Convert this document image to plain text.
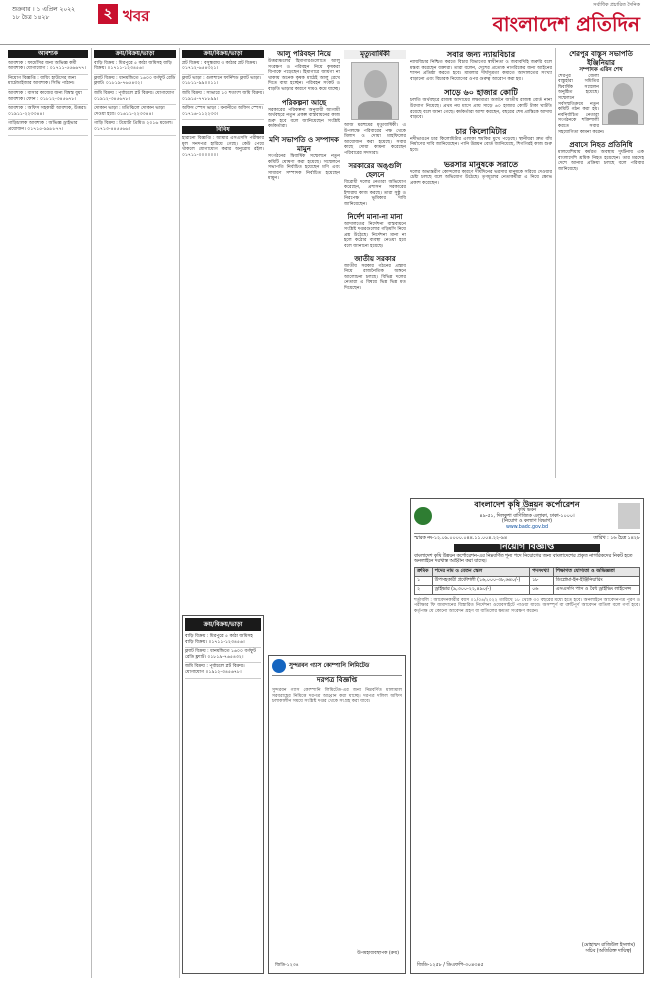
শুক্রবার । ১ এপ্রিল ২০২২
১৮ চৈত্র ১৪২৮	২ খবর
সর্বাধিক প্রচারিত দৈনিক
বাংলাদেশ প্রতিদিন
আবশ্যক
আবশ্যক : ফার্মেসির জন্য অভিজ্ঞ কর্মী আবশ্যক। যোগাযোগ : ০১৭১১-৫৫৬৬৭৭।
নিয়োগ বিজ্ঞপ্তি : বায়িং হাউসের জন্য মার্চেন্ডাইজার আবশ্যক। সিভি পাঠান।
আবশ্যক : বাসার কাজের জন্য বিশ্বস্ত বুয়া আবশ্যক। ফোন : ০১৮১২-৩৪৫৬৭৮।
আবশ্যক : অফিস সহকারী আবশ্যক, উত্তরা। ০১৯১১-২২৩৩৪৪।
গাড়িচালক আবশ্যক : অভিজ্ঞ ড্রাইভার প্রয়োজন। ০১৭১৫-৯৯৮৮৭৭।
ক্রয়/বিক্রয়/ভাড়া
বাড়ি বিক্রয় : মিরপুরে ৫ কাঠা জমিসহ বাড়ি বিক্রয়। ০১৭১১-১২৩৪৫৬।
ফ্ল্যাট বিক্রয় : ধানমন্ডিতে ১৬০০ বর্গফুট রেডি ফ্ল্যাট। ০১৮১৯-৭৬৫৪৩২।
জমি বিক্রয় : পূর্বাচলে প্লট বিক্রয়। যোগাযোগ ০১৯১২-৩৪৫৬৭৮।
দোকান ভাড়া : মতিঝিলে দোকান ভাড়া দেওয়া হবে। ০১৬১১-২২৩৩৪৪।
গাড়ি বিক্রয় : টয়োটা প্রিমিও ২০১৬ মডেল। ০১৭১৩-৪৪৫৫৬৬।
ক্রয়/বিক্রয়/ভাড়া
প্লট বিক্রয় : বসুন্ধরায় ৩ কাঠার প্লট বিক্রয়। ০১৭১২-৬৫৪৩২১।
ফ্ল্যাট ভাড়া : গুলশানে ফার্নিশড ফ্ল্যাট ভাড়া। ০১৮১১-৯৯০০১১।
জমি বিক্রয় : সাভারে ১০ শতাংশ জমি বিক্রয়। ০১৯১৫-৭৭৮৮৯৯।
অফিস স্পেস ভাড়া : বনানীতে অফিস স্পেস। ০১৭১৬-১১২২৩৩।
বিবিধ

হারানো বিজ্ঞপ্তি : আমার এসএসসি পরীক্ষার মূল সনদপত্র হারিয়ে গেছে। কেউ পেয়ে থাকলে যোগাযোগ করার অনুরোধ রইল। ০১৭১১-০০০০০০।

আলু পরিবহন নিয়ে

উত্তরাঞ্চলের হিমাগারগুলোতে আলু সংরক্ষণ ও পরিবহন নিয়ে কৃষকরা বিপাকে পড়েছেন। হিমাগারে জায়গা না থাকায় অনেক কৃষক মাঠেই আলু রেখে দিতে বাধ্য হচ্ছেন। পরিবহন সংকট ও বাড়তি ভাড়ার কারণে দামও কমে যাচ্ছে।

পরিকল্পনা আছে

সরকারের পরিকল্পনা অনুযায়ী আগামী অর্থবছরে নতুন প্রকল্প বাস্তবায়নের কাজ শুরু হবে বলে জানিয়েছেন সংশ্লিষ্ট কর্মকর্তারা।

মণি সভাপতি ও সম্পাদক মামুন

সংগঠনের দ্বিবার্ষিক সম্মেলনে নতুন কমিটি ঘোষণা করা হয়েছে। সম্মেলনে সভাপতি নির্বাচিত হয়েছেন মণি এবং সাধারণ সম্পাদক নির্বাচিত হয়েছেন মামুন।

মৃত্যুবার্ষিকী

আজ মরহুমের মৃত্যুবার্ষিকী। এ উপলক্ষে পরিবারের পক্ষ থেকে মিলাদ ও দোয়া মাহফিলের আয়োজন করা হয়েছে। সবার কাছে দোয়া কামনা করেছেন পরিবারের সদস্যরা।

সরকারের অঙ্গুলি হেলনে

বিরোধী দলের নেতারা অভিযোগ করেছেন, প্রশাসন সরকারের ইশারায় কাজ করছে। তারা সুষ্ঠু ও নিরপেক্ষ ভূমিকার দাবি জানিয়েছেন।

নির্দেশ মানা-না মানা

আদালতের নির্দেশনা বাস্তবায়নে সংশ্লিষ্ট দপ্তরগুলোর গড়িমসি নিয়ে প্রশ্ন উঠেছে। নির্দেশনা মানা না হলে কঠোর ব্যবস্থা নেওয়া হবে বলে জানানো হয়েছে।

জাতীয় সরকার

জাতীয় সরকার গঠনের প্রস্তাব নিয়ে রাজনৈতিক অঙ্গনে আলোচনা চলছে। বিভিন্ন দলের নেতারা এ বিষয়ে ভিন্ন ভিন্ন মত দিয়েছেন।

সবার জন্য ন্যায়বিচার

ন্যায়বিচার নিশ্চিত করতে বিচার বিভাগের স্বাধীনতা ও জবাবদিহি জরুরি বলে মন্তব্য করেছেন বক্তারা। তারা বলেন, দেশের প্রত্যেক নাগরিকের জন্য আইনের শাসন প্রতিষ্ঠা করতে হবে। মামলার দীর্ঘসূত্রতা কমাতে আদালতের সংখ্যা বাড়ানো এবং বিচারক নিয়োগের ওপর গুরুত্ব আরোপ করা হয়।

সাড়ে ৬০ হাজার কোটি

চলতি অর্থবছরে রাজস্ব আদায়ের লক্ষ্যমাত্রা অর্জনে জাতীয় রাজস্ব বোর্ড নানা উদ্যোগ নিয়েছে। প্রথম নয় মাসে প্রায় সাড়ে ৬০ হাজার কোটি টাকা ঘাটতি রয়েছে বলে জানা গেছে। কর্মকর্তারা আশা করছেন, বছরের শেষ প্রান্তিকে আদায় বাড়বে।

চার কিলোমিটার

নদীভাঙনে চার কিলোমিটার এলাকা হুমকির মুখে পড়েছে। স্থানীয়রা দ্রুত বাঁধ নির্মাণের দাবি জানিয়েছেন। পানি উন্নয়ন বোর্ড জানিয়েছে, শিগগিরই কাজ শুরু হবে।

ভরসার মানুষকে সরাতে

দলের অভ্যন্তরীণ কোন্দলের কারণে দীর্ঘদিনের ভরসার মানুষকে সরিয়ে দেওয়ার চেষ্টা চলছে বলে অভিযোগ উঠেছে। তৃণমূলের নেতাকর্মীরা এ নিয়ে ক্ষোভ প্রকাশ করেছেন।

শেরপুর বাস্তুস সভাপতি ইঞ্জিনিয়ার
সম্পাদক এরিন শেখ

শেরপুর জেলা বাস্তুহারা সমিতির দ্বিবার্ষিক সম্মেলন অনুষ্ঠিত হয়েছে। সম্মেলনে সর্বসম্মতিক্রমে নতুন কমিটি গঠন করা হয়। নবনির্বাচিত নেতারা সংগঠনকে শক্তিশালী করতে সবার সহযোগিতা কামনা করেন।

প্রবাসে নিহত প্রতিনিধি

মালয়েশিয়ায় কর্মরত অবস্থায় দুর্ঘটনায় এক বাংলাদেশি শ্রমিক নিহত হয়েছেন। তার মরদেহ দেশে আনার প্রক্রিয়া চলছে বলে পরিবার জানিয়েছে।

বাংলাদেশ কৃষি উন্নয়ন কর্পোরেশন
কৃষি ভবন
৪৯-৫১, দিলকুশা বাণিজ্যিক এলাকা, ঢাকা-১০০০।
(নিয়োগ ও কল্যাণ বিভাগ)
www.badc.gov.bd
স্মারক নং-১২.০৯.০০০০.০৪৪.১১.০০৪.২২-৯৪	তারিখ : ১৬ চৈত্র ১৪২৮
নিয়োগ বিজ্ঞপ্তি

বাংলাদেশ কৃষি উন্নয়ন কর্পোরেশন-এর নিম্নবর্ণিত শূন্য পদে নিয়োগের জন্য বাংলাদেশের প্রকৃত নাগরিকদের নিকট হতে অনলাইনে দরখাস্ত আহ্বান করা যাচ্ছে।

ক্রমিক	পদের নাম ও বেতন স্কেল	পদসংখ্যা	শিক্ষাগত যোগ্যতা ও অভিজ্ঞতা
১	উপসহকারী প্রকৌশলী (১৬,০০০-৩৮,৬৪০/-)	১৮	ডিপ্লোমা-ইন-ইঞ্জিনিয়ারিং
২	ড্রাইভার (৯,৩০০-২২,৪৯০/-)	০৬	এসএসসি পাস ও বৈধ ড্রাইভিং লাইসেন্স

শর্তাবলি : আবেদনকারীর বয়স ০১/০৪/২০২২ তারিখে ১৮ থেকে ৩০ বছরের মধ্যে হতে হবে। অনলাইনে আবেদনপত্র পূরণ ও পরীক্ষার ফি জমাদানের বিস্তারিত নির্দেশনা ওয়েবসাইটে পাওয়া যাবে। অসম্পূর্ণ বা ত্রুটিপূর্ণ আবেদন বাতিল বলে গণ্য হবে। কর্তৃপক্ষ যে কোনো আবেদন গ্রহণ বা বাতিলের ক্ষমতা সংরক্ষণ করেন।

(মোহাম্মদ রাজিউল ইসলাম)
সচিব (অতিরিক্ত দায়িত্ব)
জিডি-১২৫৮ / ডিএফপি-৩০৪৩৪৫
সুন্দরবন গ্যাস কোম্পানি লিমিটেড
দরপত্র বিজ্ঞপ্তি

সুন্দরবন গ্যাস কোম্পানি লিমিটেড-এর জন্য নিম্নবর্ণিত মালামাল সরবরাহের নিমিত্তে দরপত্র আহ্বান করা যাচ্ছে। দরপত্র দলিল অফিস চলাকালীন সময়ে সংশ্লিষ্ট দপ্তর থেকে সংগ্রহ করা যাবে।

উপমহাব্যবস্থাপক (ক্রয়)
জিডি-১২৩৪
ক্রয়/বিক্রয়/ভাড়া
বাড়ি বিক্রয় : মিরপুরে ৫ কাঠা জমিসহ বাড়ি বিক্রয়। ০১৭১১-১২৩৪৫৬।
ফ্ল্যাট বিক্রয় : ধানমন্ডিতে ১৬০০ বর্গফুট রেডি ফ্ল্যাট। ০১৮১৯-৭৬৫৪৩২।
জমি বিক্রয় : পূর্বাচলে প্লট বিক্রয়। যোগাযোগ ০১৯১২-৩৪৫৬৭৮।
